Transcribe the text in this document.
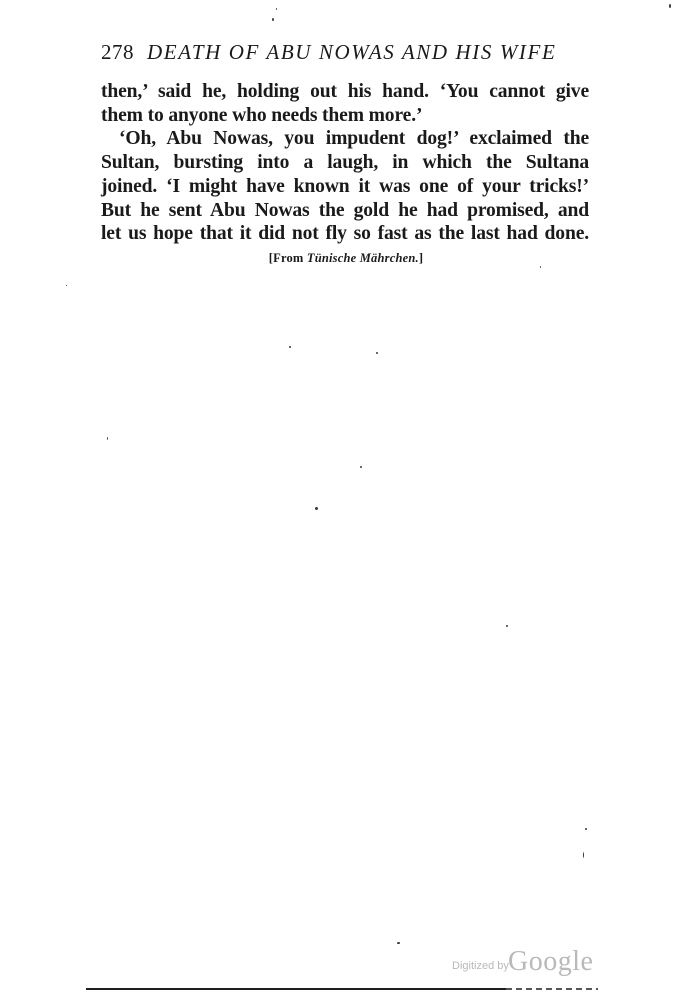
278 DEATH OF ABU NOWAS AND HIS WIFE
then,’ said he, holding out his hand. ‘You cannot give
them to anyone who needs them more.’
‘Oh, Abu Nowas, you impudent dog!’ exclaimed the
Sultan, bursting into a laugh, in which the Sultana
joined. ‘I might have known it was one of your tricks!’
But he sent Abu Nowas the gold he had promised, and
let us hope that it did not fly so fast as the last had done.
[From Tünische Mährchen.]
Digitized by Google
